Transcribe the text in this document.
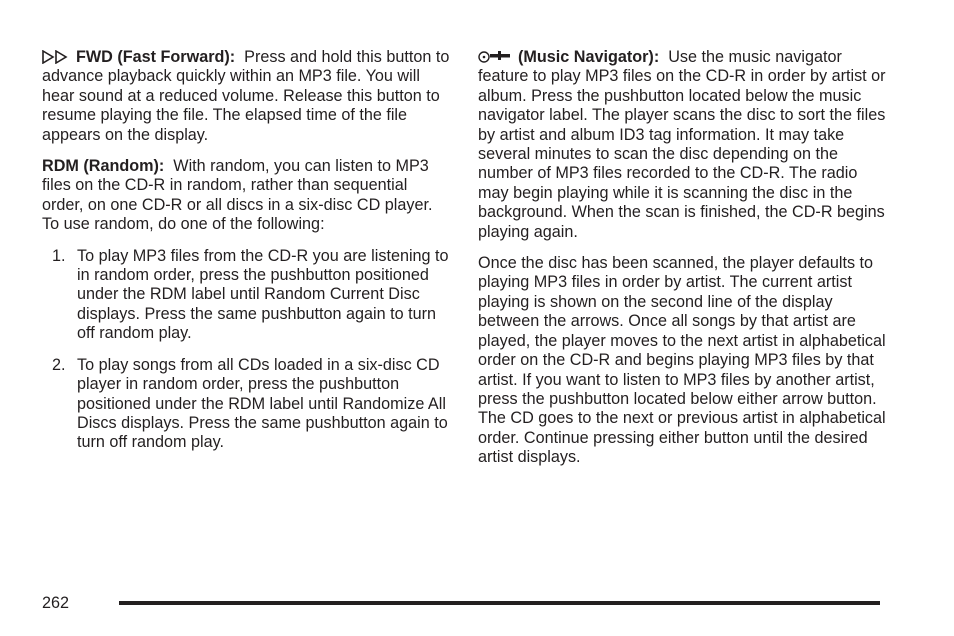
FWD (Fast Forward): Press and hold this button to advance playback quickly within an MP3 file. You will hear sound at a reduced volume. Release this button to resume playing the file. The elapsed time of the file appears on the display.

RDM (Random): With random, you can listen to MP3 files on the CD-R in random, rather than sequential order, on one CD-R or all discs in a six-disc CD player. To use random, do one of the following:

1. To play MP3 files from the CD-R you are listening to in random order, press the pushbutton positioned under the RDM label until Random Current Disc displays. Press the same pushbutton again to turn off random play.
2. To play songs from all CDs loaded in a six-disc CD player in random order, press the pushbutton positioned under the RDM label until Randomize All Discs displays. Press the same pushbutton again to turn off random play.

(Music Navigator): Use the music navigator feature to play MP3 files on the CD-R in order by artist or album. Press the pushbutton located below the music navigator label. The player scans the disc to sort the files by artist and album ID3 tag information. It may take several minutes to scan the disc depending on the number of MP3 files recorded to the CD-R. The radio may begin playing while it is scanning the disc in the background. When the scan is finished, the CD-R begins playing again.

Once the disc has been scanned, the player defaults to playing MP3 files in order by artist. The current artist playing is shown on the second line of the display between the arrows. Once all songs by that artist are played, the player moves to the next artist in alphabetical order on the CD-R and begins playing MP3 files by that artist. If you want to listen to MP3 files by another artist, press the pushbutton located below either arrow button. The CD goes to the next or previous artist in alphabetical order. Continue pressing either button until the desired artist displays.

262
